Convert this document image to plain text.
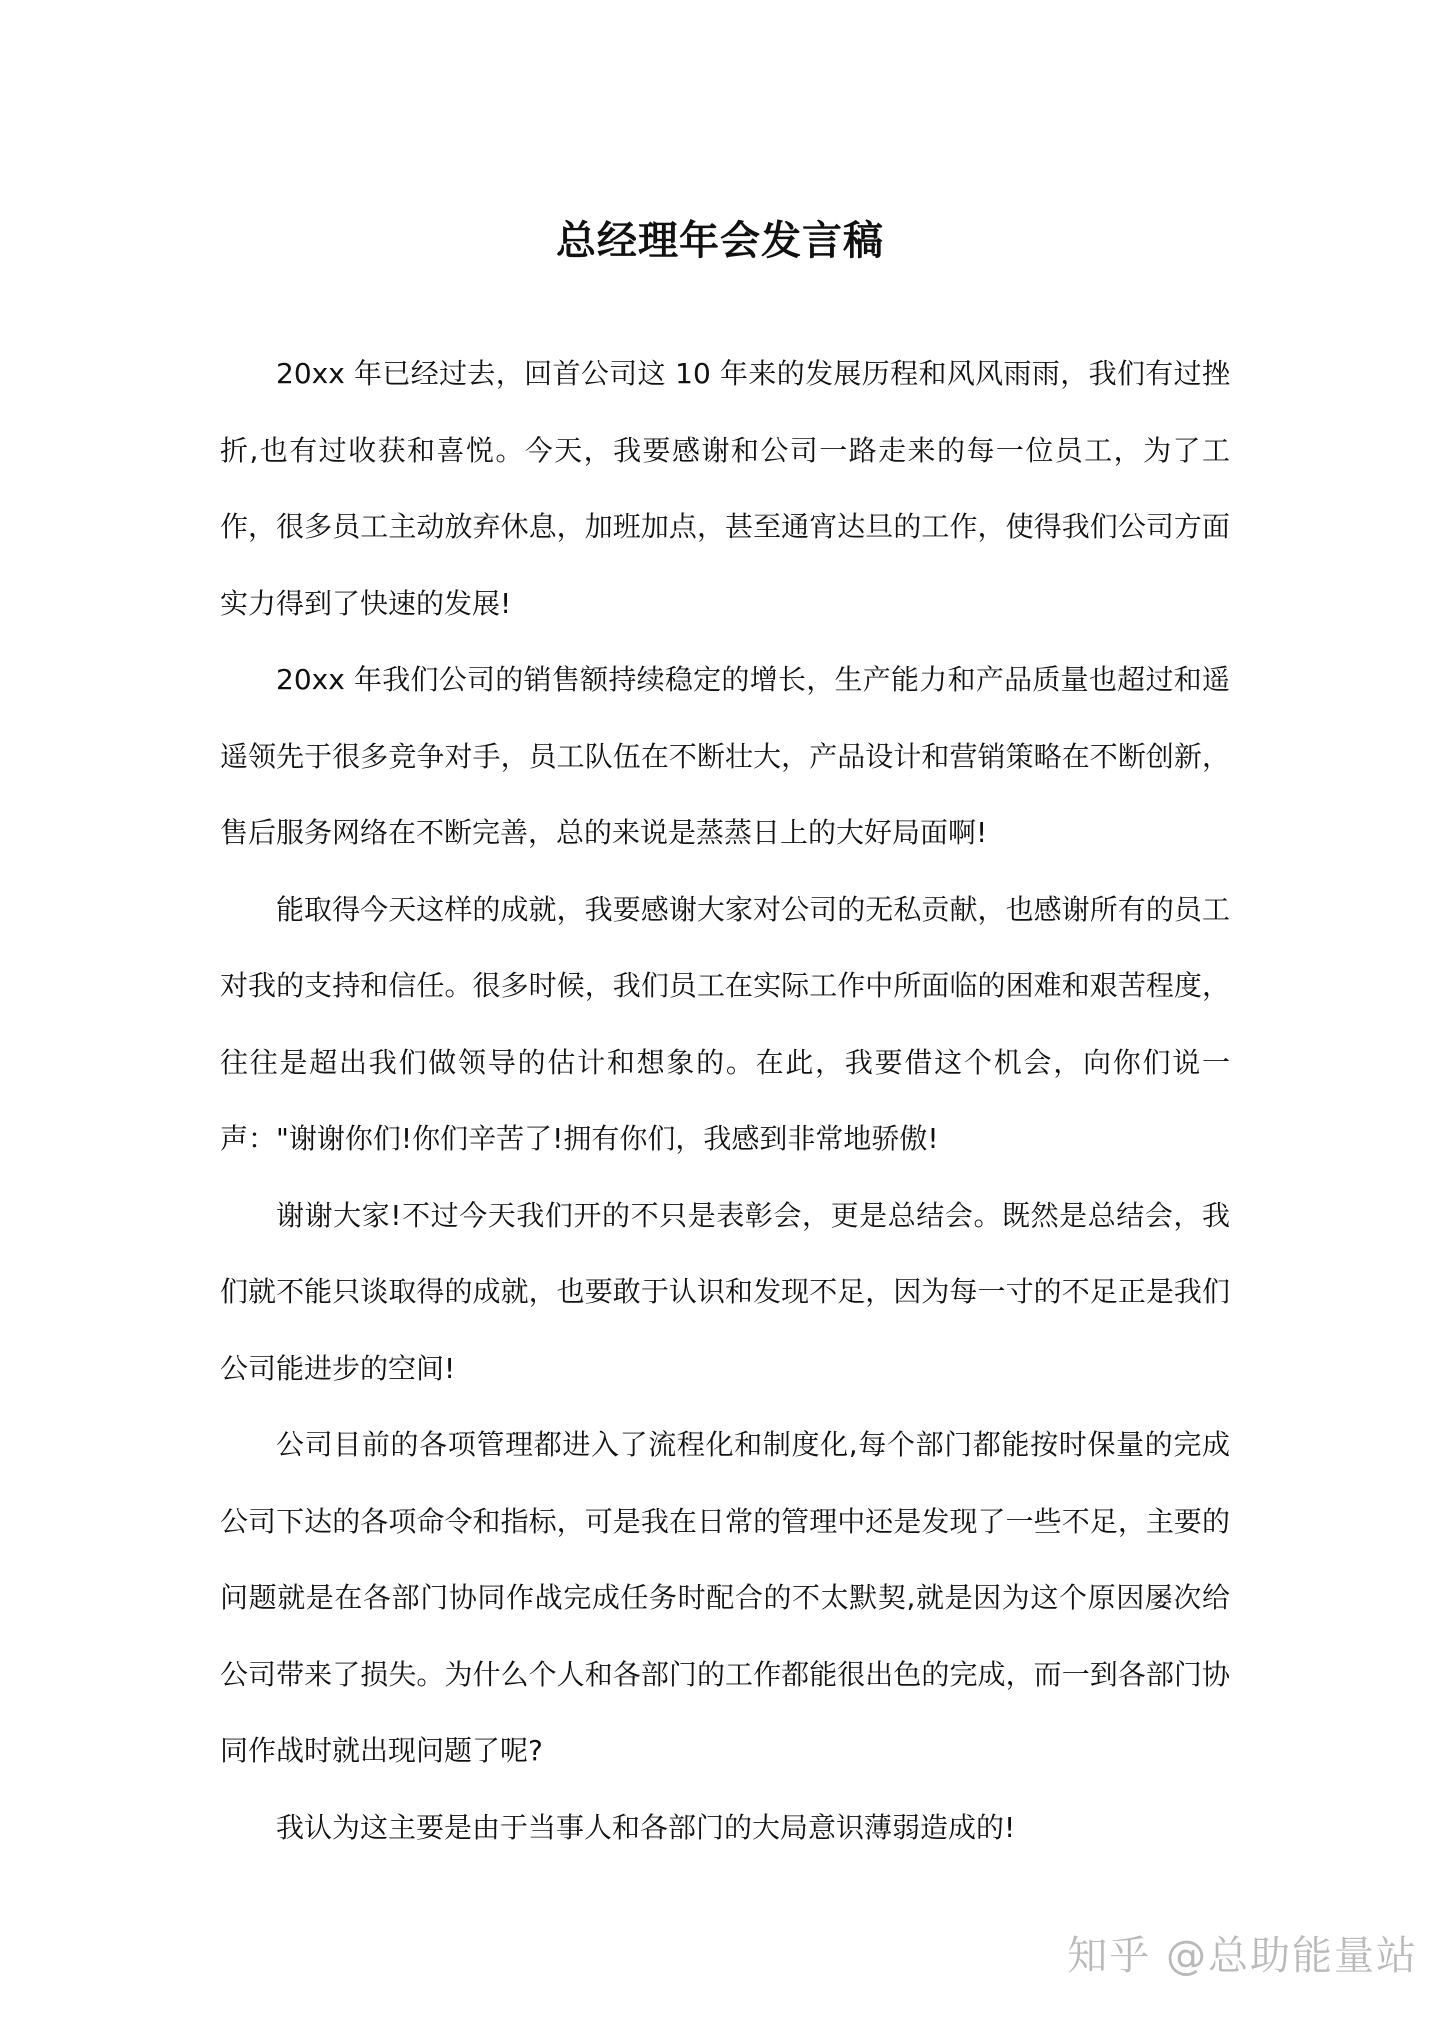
总经理年会发言稿

20xx 年已经过去，回首公司这 10 年来的发展历程和风风雨雨，我们有过挫折,也有过收获和喜悦。今天，我要感谢和公司一路走来的每一位员工，为了工作，很多员工主动放弃休息，加班加点，甚至通宵达旦的工作，使得我们公司方面实力得到了快速的发展!

20xx 年我们公司的销售额持续稳定的增长，生产能力和产品质量也超过和遥遥领先于很多竞争对手，员工队伍在不断壮大，产品设计和营销策略在不断创新，售后服务网络在不断完善，总的来说是蒸蒸日上的大好局面啊!

能取得今天这样的成就，我要感谢大家对公司的无私贡献，也感谢所有的员工对我的支持和信任。很多时候，我们员工在实际工作中所面临的困难和艰苦程度，往往是超出我们做领导的估计和想象的。在此，我要借这个机会，向你们说一声："谢谢你们!你们辛苦了!拥有你们，我感到非常地骄傲!

谢谢大家!不过今天我们开的不只是表彰会，更是总结会。既然是总结会，我们就不能只谈取得的成就，也要敢于认识和发现不足，因为每一寸的不足正是我们公司能进步的空间!

公司目前的各项管理都进入了流程化和制度化,每个部门都能按时保量的完成公司下达的各项命令和指标，可是我在日常的管理中还是发现了一些不足，主要的问题就是在各部门协同作战完成任务时配合的不太默契,就是因为这个原因屡次给公司带来了损失。为什么个人和各部门的工作都能很出色的完成，而一到各部门协同作战时就出现问题了呢?

我认为这主要是由于当事人和各部门的大局意识薄弱造成的!

知乎 @总助能量站
